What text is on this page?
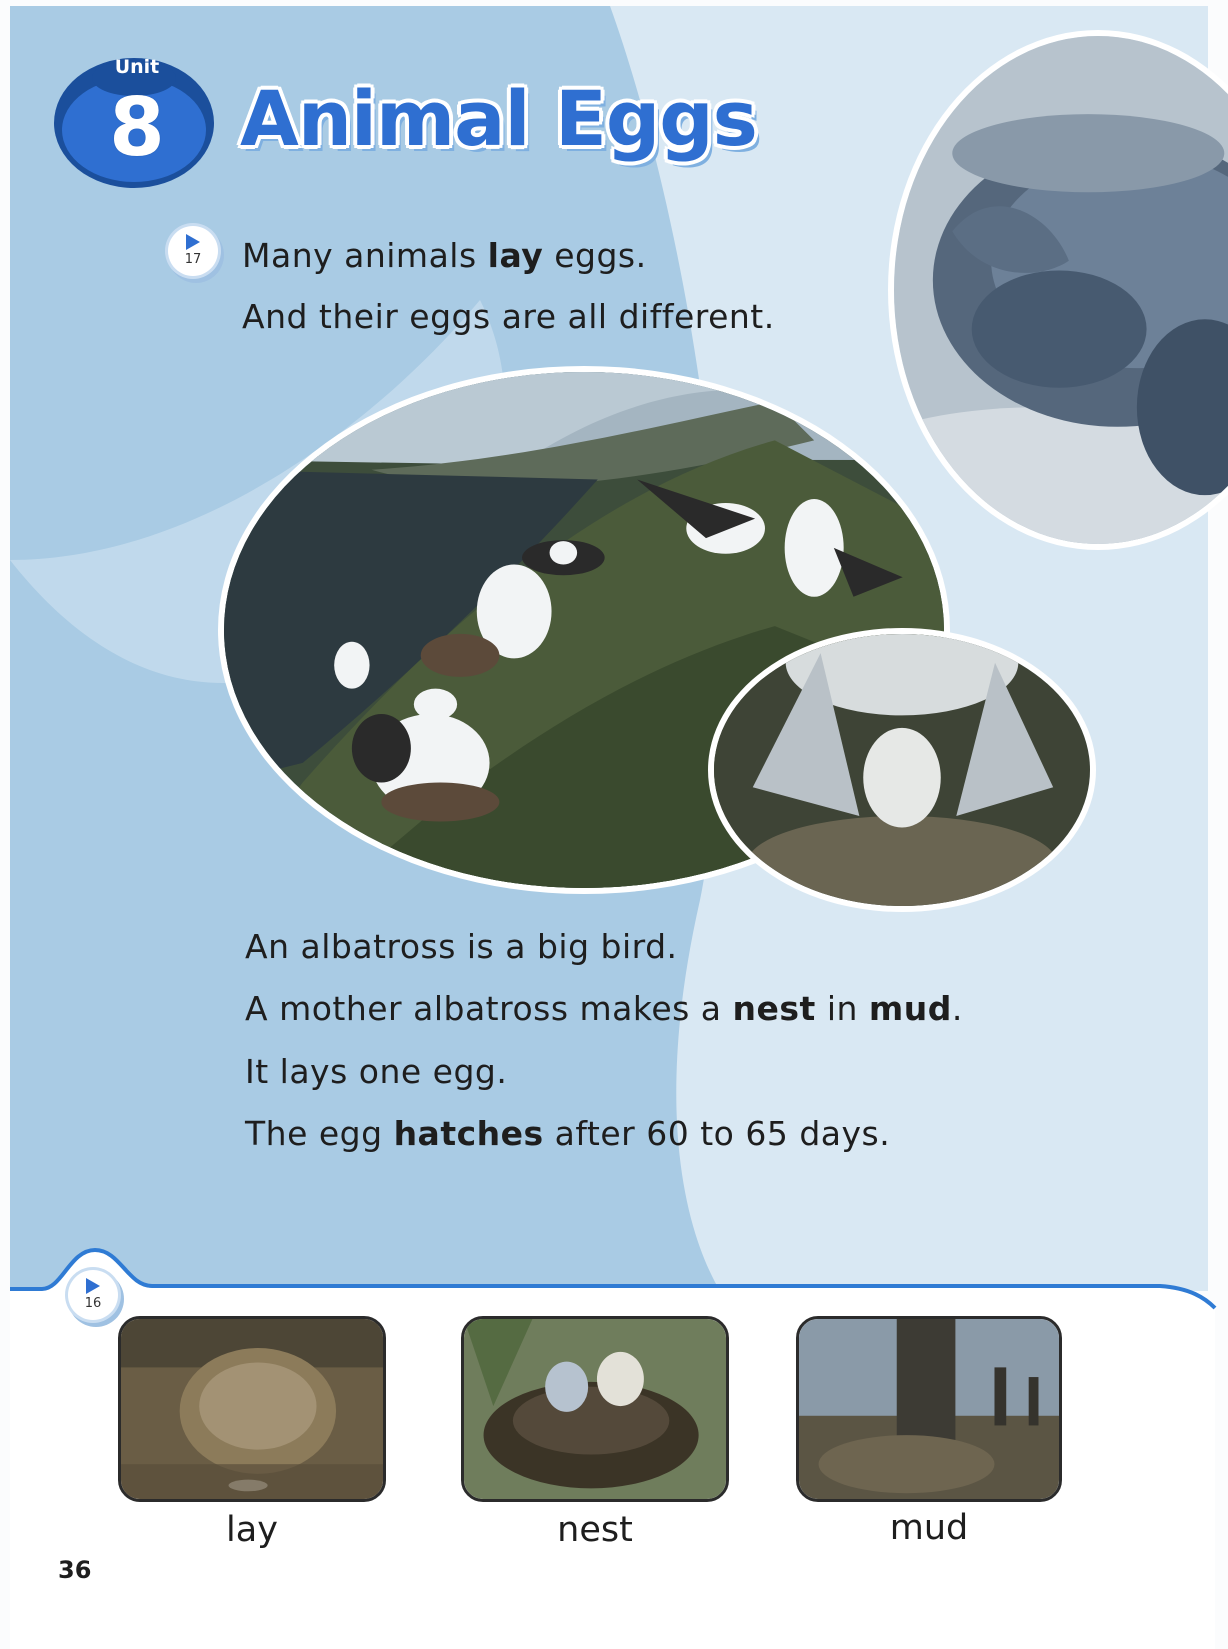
Unit
8 Animal Eggs
17	Many animals lay eggs.
And their eggs are all different.
An albatross is a big bird.
A mother albatross makes a nest in mud.
It lays one egg.
The egg hatches after 60 to 65 days.
16
lay	nest	mud
36
